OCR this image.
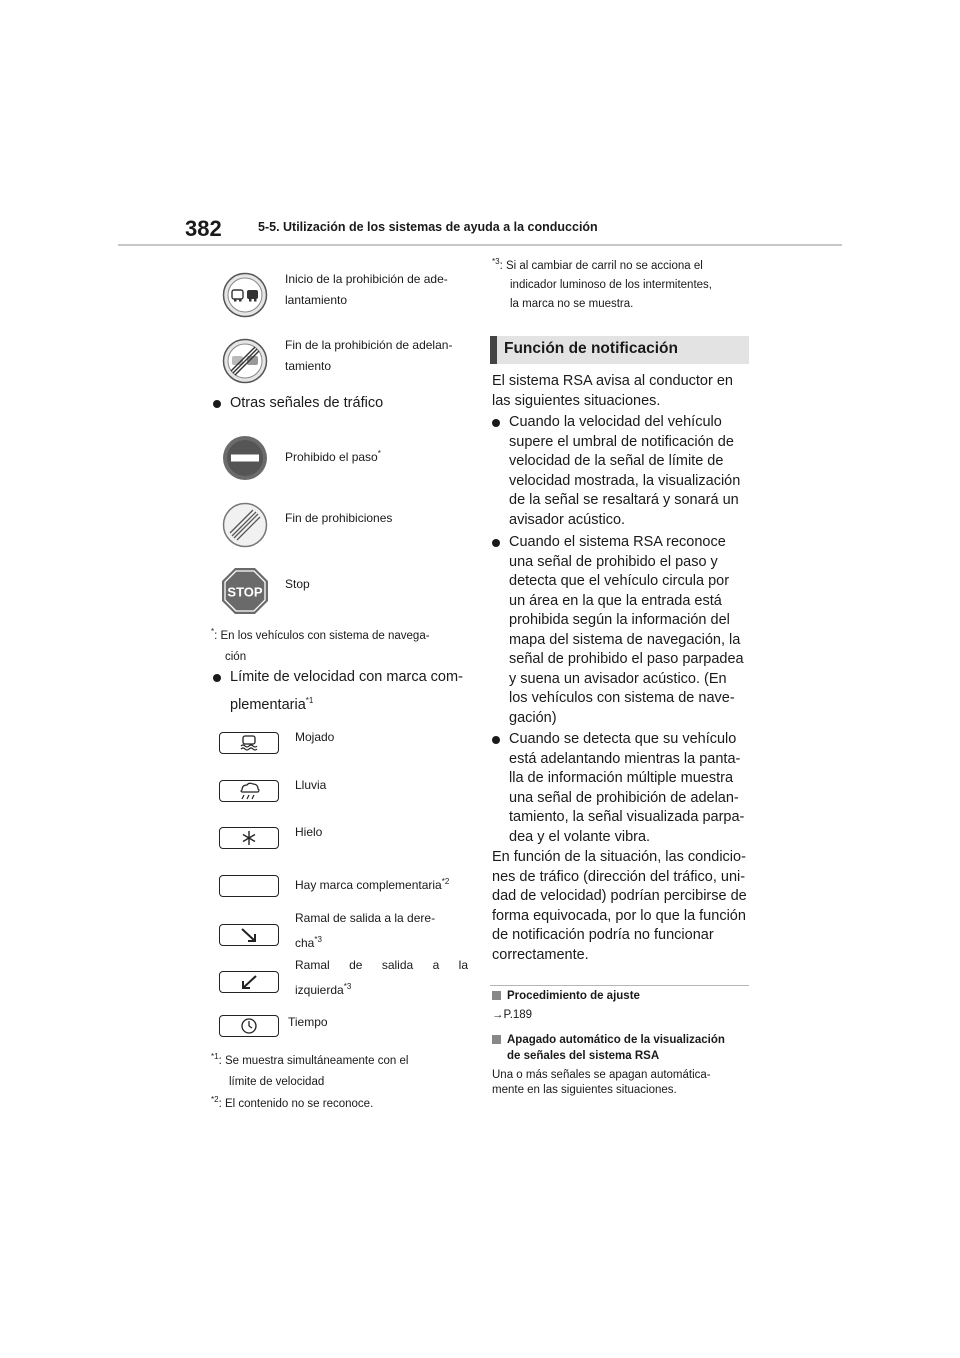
382	5-5. Utilización de los sistemas de ayuda a la conducción
Inicio de la prohibición de ade-
lantamiento
Fin de la prohibición de adelan-
tamiento
Otras señales de tráfico
Prohibido el paso*
Fin de prohibiciones
STOP
Stop
*: En los vehículos con sistema de navega-
ción
Límite de velocidad con marca com-
plementaria$^{*1}$
Mojado
Lluvia
Hielo
Hay marca complementaria$^{*2}$
Ramal de salida a la dere-
cha$^{*3}$
Ramal de salida a la
izquierda$^{*3}$
Tiempo
$^{*1}$: Se muestra simultáneamente con el
límite de velocidad
$^{*2}$: El contenido no se reconoce.
$^{*3}$: Si al cambiar de carril no se acciona el
indicador luminoso de los intermitentes,
la marca no se muestra.
Función de notificación
El sistema RSA avisa al conductor en
las siguientes situaciones.
Cuando la velocidad del vehículo
supere el umbral de notificación de
velocidad de la señal de límite de
velocidad mostrada, la visualización
de la señal se resaltará y sonará un
avisador acústico.
Cuando el sistema RSA reconoce
una señal de prohibido el paso y
detecta que el vehículo circula por
un área en la que la entrada está
prohibida según la información del
mapa del sistema de navegación, la
señal de prohibido el paso parpadea
y suena un avisador acústico. (En
los vehículos con sistema de nave-
gación)
Cuando se detecta que su vehículo
está adelantando mientras la panta-
lla de información múltiple muestra
una señal de prohibición de adelan-
tamiento, la señal visualizada parpa-
dea y el volante vibra.
En función de la situación, las condicio-
nes de tráfico (dirección del tráfico, uni-
dad de velocidad) podrían percibirse de
forma equivocada, por lo que la función
de notificación podría no funcionar
correctamente.
Procedimiento de ajuste
→P.189
Apagado automático de la visualización
de señales del sistema RSA
Una o más señales se apagan automática-
mente en las siguientes situaciones.
